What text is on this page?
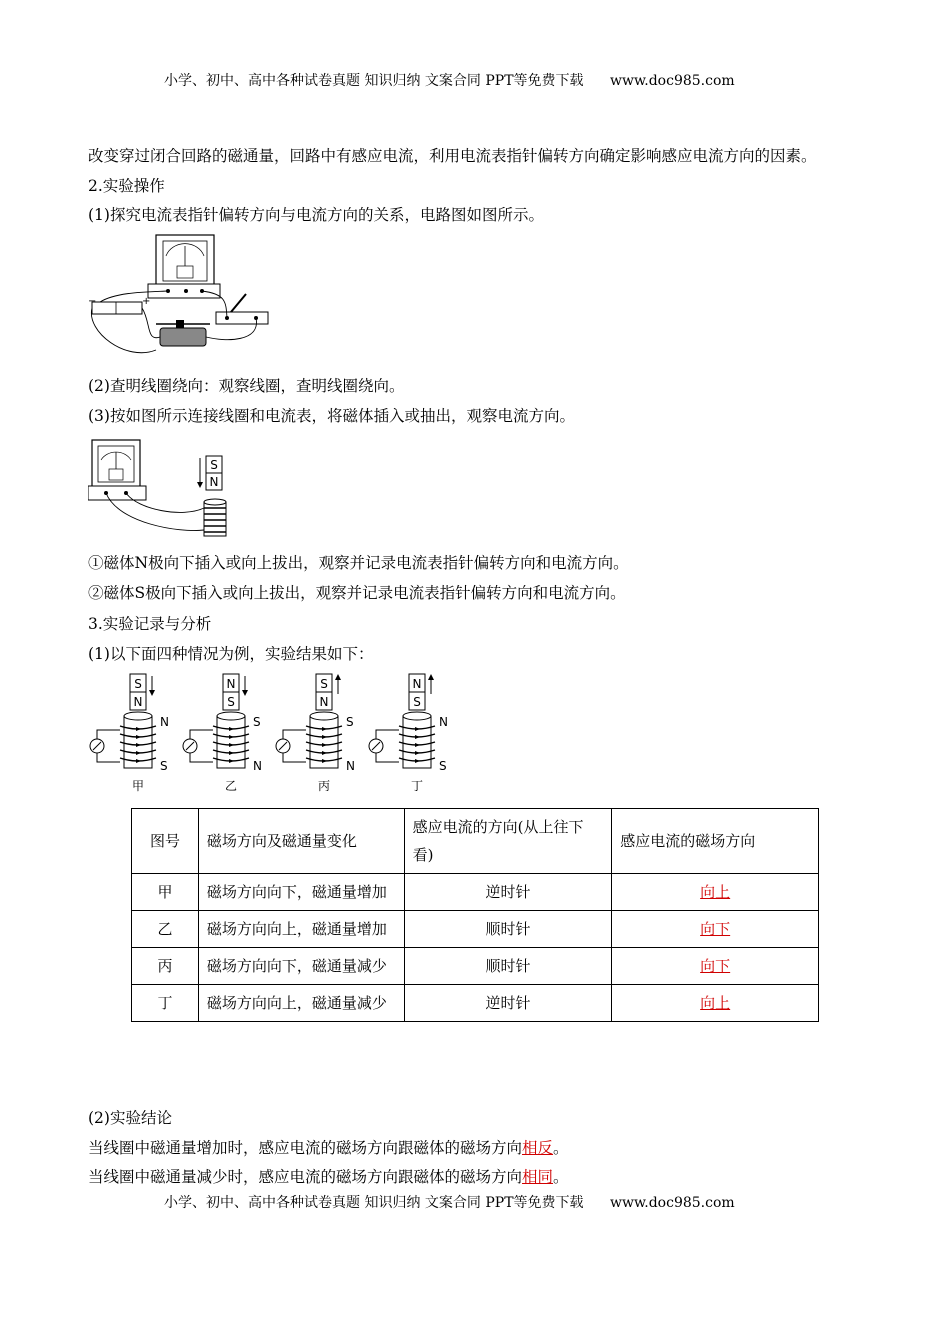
小学、初中、高中各种试卷真题 知识归纳 文案合同 PPT等免费下载 www.doc985.com
改变穿过闭合回路的磁通量，回路中有感应电流，利用电流表指针偏转方向确定影响感应电流方向的因素。
2.实验操作
(1)探究电流表指针偏转方向与电流方向的关系，电路图如图所示。
−	+
(2)查明线圈绕向：观察线圈，查明线圈绕向。
(3)按如图所示连接线圈和电流表，将磁体插入或抽出，观察电流方向。
S
N
①磁体N极向下插入或向上拔出，观察并记录电流表指针偏转方向和电流方向。
②磁体S极向下插入或向上拔出，观察并记录电流表指针偏转方向和电流方向。
3.实验记录与分析
(1)以下面四种情况为例，实验结果如下：
S
N
N
S
甲
N
S
S
N
乙
S
N
S
N
丙
N
S
N
S
丁
图号	磁场方向及磁通量变化	感应电流的方向(从上往下看)	感应电流的磁场方向
甲	磁场方向向下，磁通量增加	逆时针	向上
乙	磁场方向向上，磁通量增加	顺时针	向下
丙	磁场方向向下，磁通量减少	顺时针	向下
丁	磁场方向向上，磁通量减少	逆时针	向上
(2)实验结论
当线圈中磁通量增加时，感应电流的磁场方向跟磁体的磁场方向相反。
当线圈中磁通量减少时，感应电流的磁场方向跟磁体的磁场方向相同。
小学、初中、高中各种试卷真题 知识归纳 文案合同 PPT等免费下载 www.doc985.com
